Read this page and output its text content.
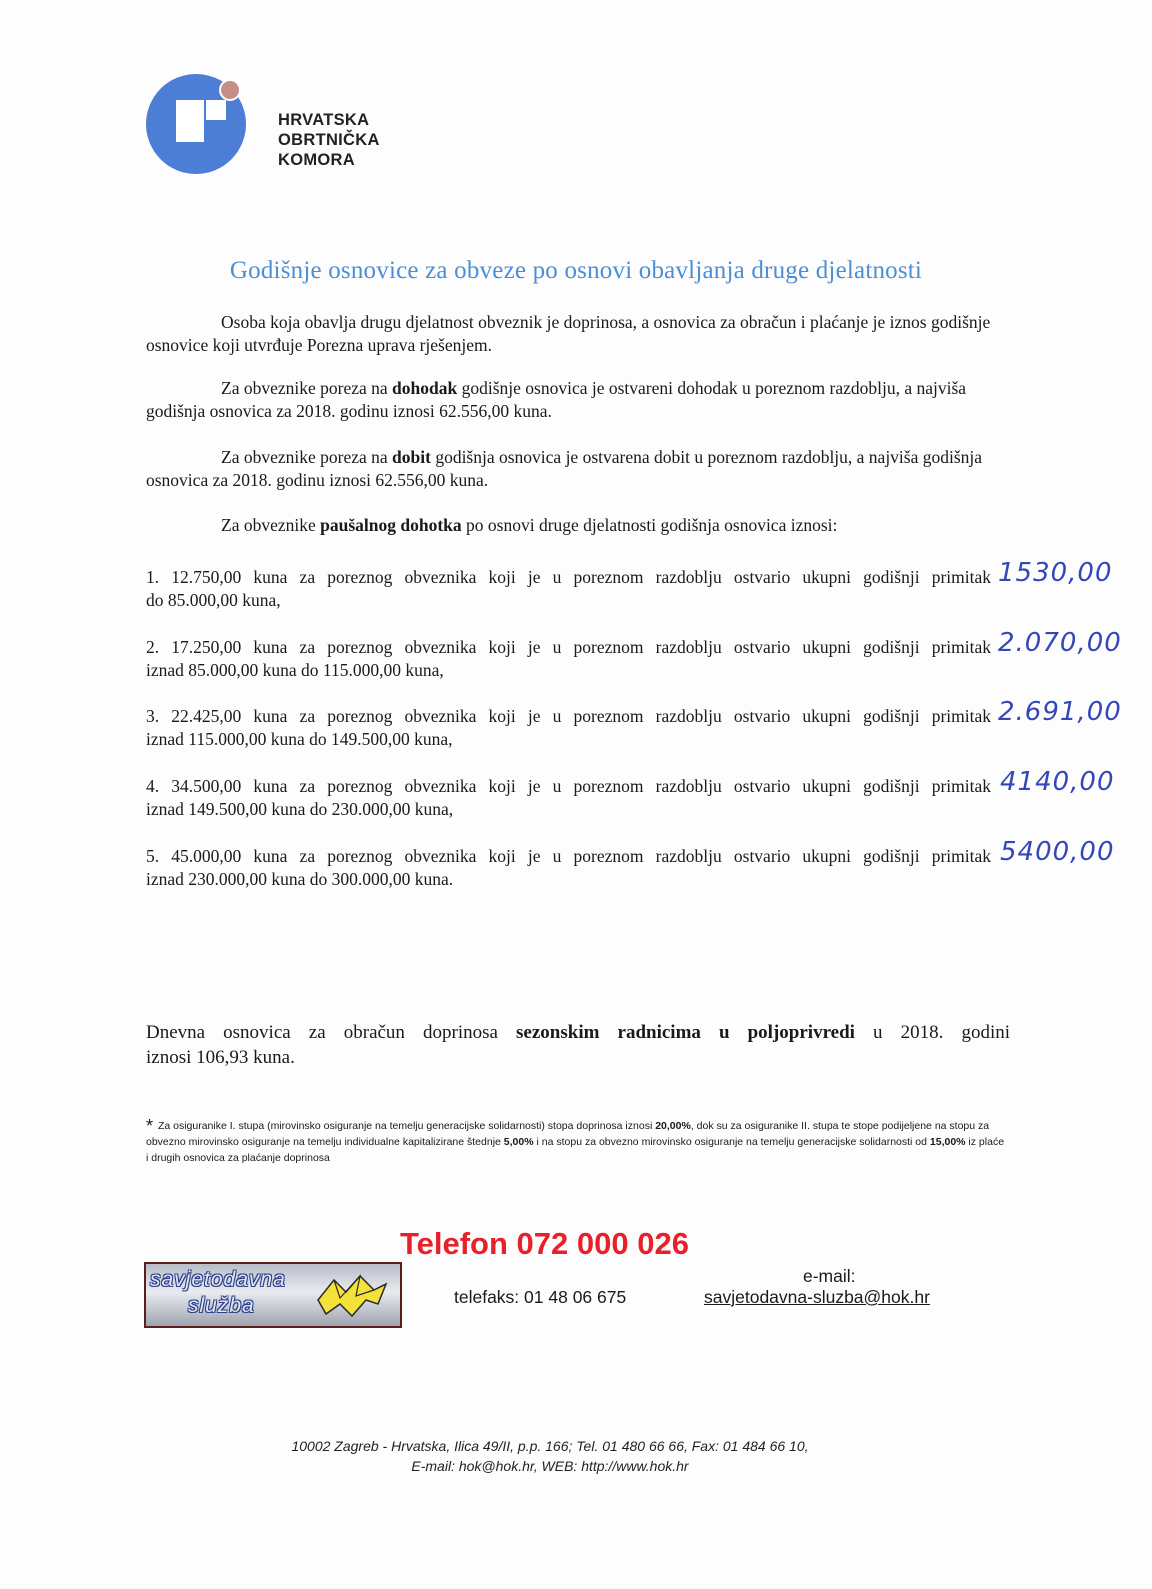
HRVATSKA
OBRTNIČKA
KOMORA
Godišnje osnovice za obveze po osnovi obavljanja druge djelatnosti
Osoba koja obavlja drugu djelatnost obveznik je doprinosa, a osnovica za obračun i plaćanje je iznos godišnje osnovice koji utvrđuje Porezna uprava rješenjem.
Za obveznike poreza na dohodak godišnje osnovica je ostvareni dohodak u poreznom razdoblju, a najviša godišnja osnovica za 2018. godinu iznosi 62.556,00 kuna.
Za obveznike poreza na dobit godišnja osnovica je ostvarena dobit u poreznom razdoblju, a najviša godišnja osnovica za 2018. godinu iznosi 62.556,00 kuna.
Za obveznike paušalnog dohotka po osnovi druge djelatnosti godišnja osnovica iznosi:
1. 12.750,00 kuna za poreznog obveznika koji je u poreznom razdoblju ostvario ukupni godišnji primitak
do 85.000,00 kuna,
1530,00
2. 17.250,00 kuna za poreznog obveznika koji je u poreznom razdoblju ostvario ukupni godišnji primitak
iznad 85.000,00 kuna do 115.000,00 kuna,
2.070,00
3. 22.425,00 kuna za poreznog obveznika koji je u poreznom razdoblju ostvario ukupni godišnji primitak
iznad 115.000,00 kuna do 149.500,00 kuna,
2.691,00
4. 34.500,00 kuna za poreznog obveznika koji je u poreznom razdoblju ostvario ukupni godišnji primitak
iznad 149.500,00 kuna do 230.000,00 kuna,
4140,00
5. 45.000,00 kuna za poreznog obveznika koji je u poreznom razdoblju ostvario ukupni godišnji primitak
iznad 230.000,00 kuna do 300.000,00 kuna.
5400,00
Dnevna osnovica za obračun doprinosa sezonskim radnicima u poljoprivredi u 2018. godini
iznosi 106,93 kuna.
* Za osiguranike I. stupa (mirovinsko osiguranje na temelju generacijske solidarnosti) stopa doprinosa iznosi 20,00%, dok su za osiguranike II. stupa te stope podijeljene na stopu za obvezno mirovinsko osiguranje na temelju individualne kapitalizirane štednje 5,00% i na stopu za obvezno mirovinsko osiguranje na temelju generacijske solidarnosti od 15,00% iz plaće i drugih osnovica za plaćanje doprinosa
Telefon 072 000 026
savjetodavna
služba	telefaks: 01 48 06 675
e-mail:
savjetodavna-sluzba@hok.hr
10002 Zagreb - Hrvatska, Ilica 49/II, p.p. 166; Tel. 01 480 66 66, Fax: 01 484 66 10,
E-mail: hok@hok.hr, WEB: http://www.hok.hr
